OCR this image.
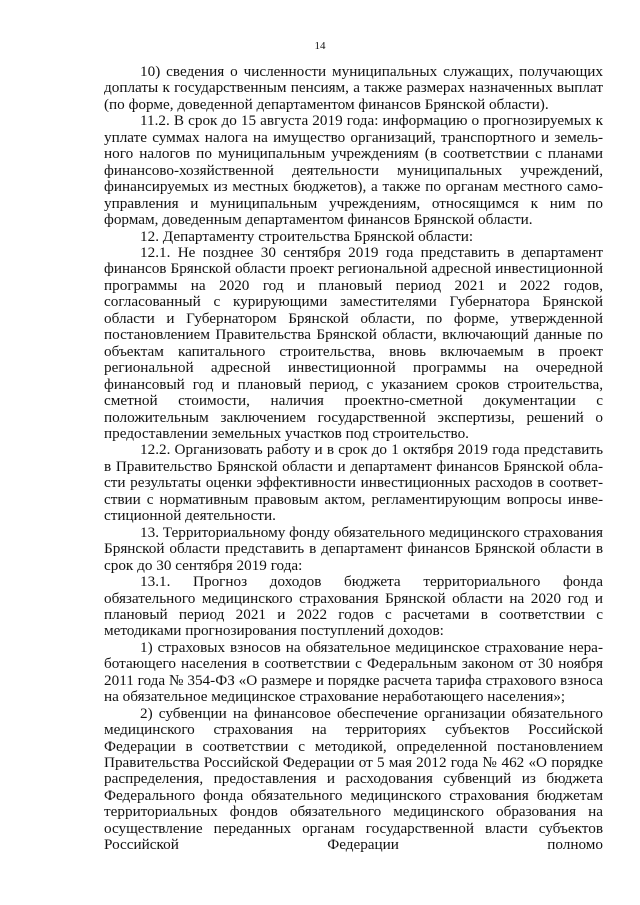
14

10) сведения о численности муниципальных служащих, получающих доплаты к государственным пенсиям, а также размерах назначенных выплат (по форме, доведенной департаментом финансов Брянской области).

11.2. В срок до 15 августа 2019 года: информацию о прогнозируемых к уплате суммах налога на имущество организаций, транспортного и земельного налогов по муниципальным учреждениям (в соответствии с планами финансово-хозяйственной деятельности муниципальных учреждений, финансируемых из местных бюджетов), а также по органам местного самоуправления и муниципальным учреждениям, относящимся к ним по формам, доведенным департаментом финансов Брянской области.

12. Департаменту строительства Брянской области:

12.1. Не позднее 30 сентября 2019 года представить в департамент финансов Брянской области проект региональной адресной инвестиционной программы на 2020 год и плановый период 2021 и 2022 годов, согласованный с курирующими заместителями Губернатора Брянской области и Губернатором Брянской области, по форме, утвержденной постановлением Правительства Брянской области, включающий данные по объектам капитального строительства, вновь включаемым в проект региональной адресной инвестиционной программы на очередной финансовый год и плановый период, с указанием сроков строительства, сметной стоимости, наличия проектно-сметной документации с положительным заключением государственной экспертизы, решений о предоставлении земельных участков под строительство.

12.2. Организовать работу и в срок до 1 октября 2019 года представить в Правительство Брянской области и департамент финансов Брянской области результаты оценки эффективности инвестиционных расходов в соответствии с нормативным правовым актом, регламентирующим вопросы инвестиционной деятельности.

13. Территориальному фонду обязательного медицинского страхования Брянской области представить в департамент финансов Брянской области в срок до 30 сентября 2019 года:

13.1. Прогноз доходов бюджета территориального фонда обязательного медицинского страхования Брянской области на 2020 год и плановый период 2021 и 2022 годов с расчетами в соответствии с методиками прогнозирования поступлений доходов:

1) страховых взносов на обязательное медицинское страхование неработающего населения в соответствии с Федеральным законом от 30 ноября 2011 года № 354-ФЗ «О размере и порядке расчета тарифа страхового взноса на обязательное медицинское страхование неработающего населения»;

2) субвенции на финансовое обеспечение организации обязательного медицинского страхования на территориях субъектов Российской Федерации в соответствии с методикой, определенной постановлением Правительства Российской Федерации от 5 мая 2012 года № 462 «О порядке распределения, предоставления и расходования субвенций из бюджета Федерального фонда обязательного медицинского страхования бюджетам территориальных фондов обязательного медицинского образования на осуществление переданных органам государственной власти субъектов Российской Федерации полномо
